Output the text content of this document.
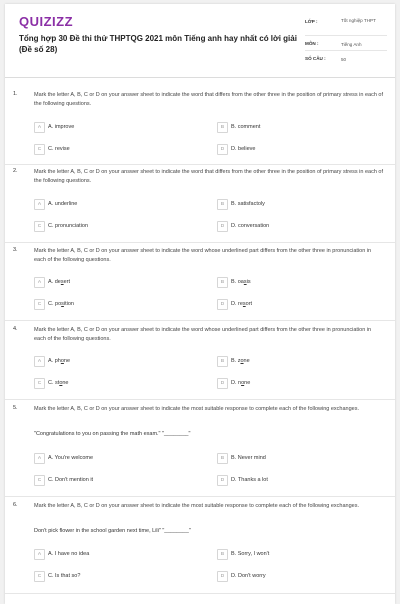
QUIZIZZ
Tổng hợp 30 Đề thi thử THPTQG 2021 môn Tiếng anh hay nhất có lời giải (Đề số 28)
LỚP :	Tốt nghiệp THPT
MÔN :	Tiếng Anh
SỐ CÂU :	50
1.	Mark the letter A, B, C or D on your answer sheet to indicate the word that differs from the other three in the position of primary stress in each of the following questions.
A	A. improve	B	B. comment
C	C. revise	D	D. believe
2.	Mark the letter A, B, C or D on your answer sheet to indicate the word that differs from the other three in the position of primary stress in each of the following questions.
A	A. underline	B	B. satisfactoly
C	C. pronunciation	D	D. conversation
3.	Mark the letter A, B, C or D on your answer sheet to indicate the word whose underlined part differs from the other three in pronunciation in each of the following questions.
A	A. desert	B	B. oasis
C	C. position	D	D. resort
4.	Mark the letter A, B, C or D on your answer sheet to indicate the word whose underlined part differs from the other three in pronunciation in each of the following questions.
A	A. phone	B	B. zone
C	C. stone	D	D. none
5.	Mark the letter A, B, C or D on your answer sheet to indicate the most suitable response to complete each of the following exchanges.
"Congratulations to you on passing the math exam." "________"
A	A. You're welcome	B	B. Never mind
C	C. Don't mention it	D	D. Thanks a lot
6.	Mark the letter A, B, C or D on your answer sheet to indicate the most suitable response to complete each of the following exchanges.
Don't pick flower in the school garden next time, Lili" "________"
A	A. I have no idea	B	B. Sorry, I won't
C	C. Is that so?	D	D. Don't worry
